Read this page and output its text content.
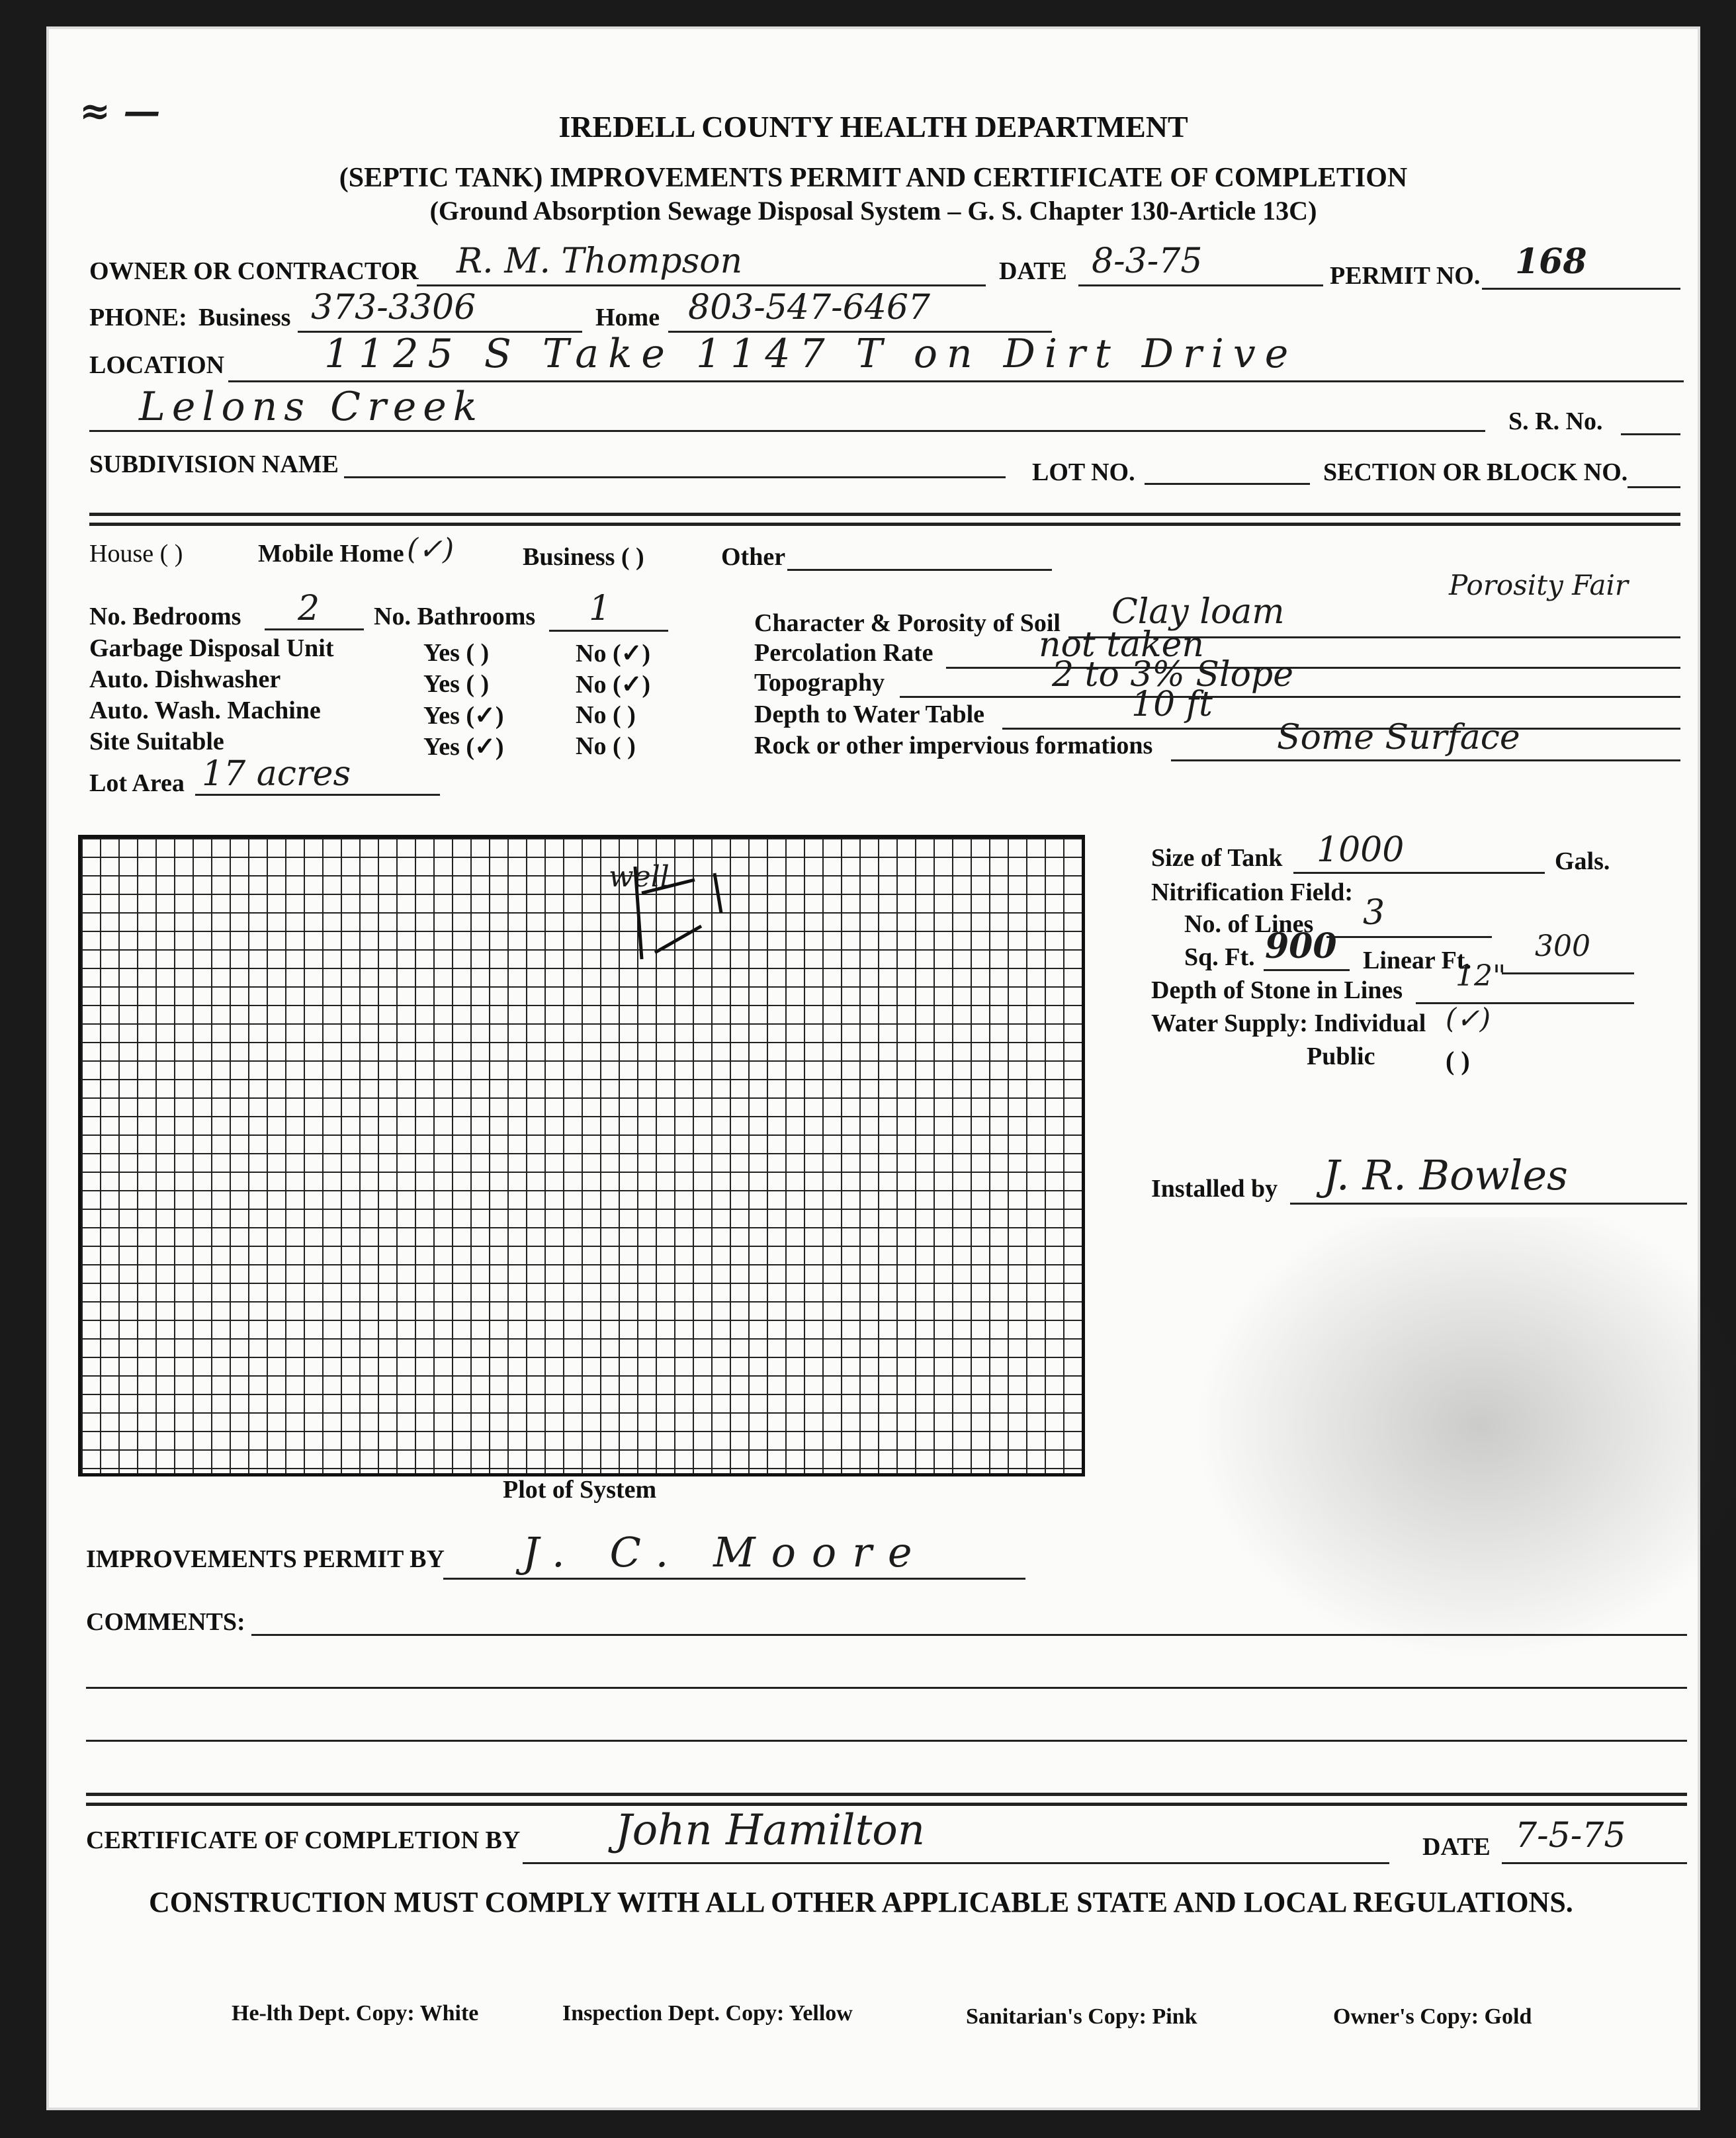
≈ —	IREDELL COUNTY HEALTH DEPARTMENT
(SEPTIC TANK) IMPROVEMENTS PERMIT AND CERTIFICATE OF COMPLETION
(Ground Absorption Sewage Disposal System – G. S. Chapter 130-Article 13C)
OWNER OR CONTRACTOR R. M. Thompson	DATE 8-3-75	PERMIT NO. 168
PHONE: Business 373-3306	Home 803-547-6467
LOCATION	1125 S Take 1147 T on Dirt Drive
Lelons Creek	S. R. No.
SUBDIVISION NAME	LOT NO.	SECTION OR BLOCK NO.
House ( )	Mobile Home (✓)	Business ( )	Other
No. Bedrooms 2 No. Bathrooms 1
Garbage Disposal Unit	Yes ( )	No (✓)
Auto. Dishwasher	Yes ( )	No (✓)
Auto. Wash. Machine	Yes (✓)	No ( )
Site Suitable	Yes (✓)	No ( )
Lot Area 17 acres
Character & Porosity of Soil Clay loam
Porosity Fair
Percolation Rate	not taken
Topography	2 to 3% Slope
Depth to Water Table	10 ft
Rock or other impervious formations	Some Surface
well
Plot of System
Size of Tank 1000	Gals.
Nitrification Field:
No. of Lines 3
Sq. Ft. 900 Linear Ft. 300
Depth of Stone in Lines 12"
Water Supply: Individual (✓)
Public	( )
Installed by J. R. Bowles
IMPROVEMENTS PERMIT BY J. C. Moore
COMMENTS:
CERTIFICATE OF COMPLETION BY John Hamilton	DATE 7-5-75
CONSTRUCTION MUST COMPLY WITH ALL OTHER APPLICABLE STATE AND LOCAL REGULATIONS.
He-lth Dept. Copy: White	Inspection Dept. Copy: Yellow	Sanitarian's Copy: Pink	Owner's Copy: Gold
